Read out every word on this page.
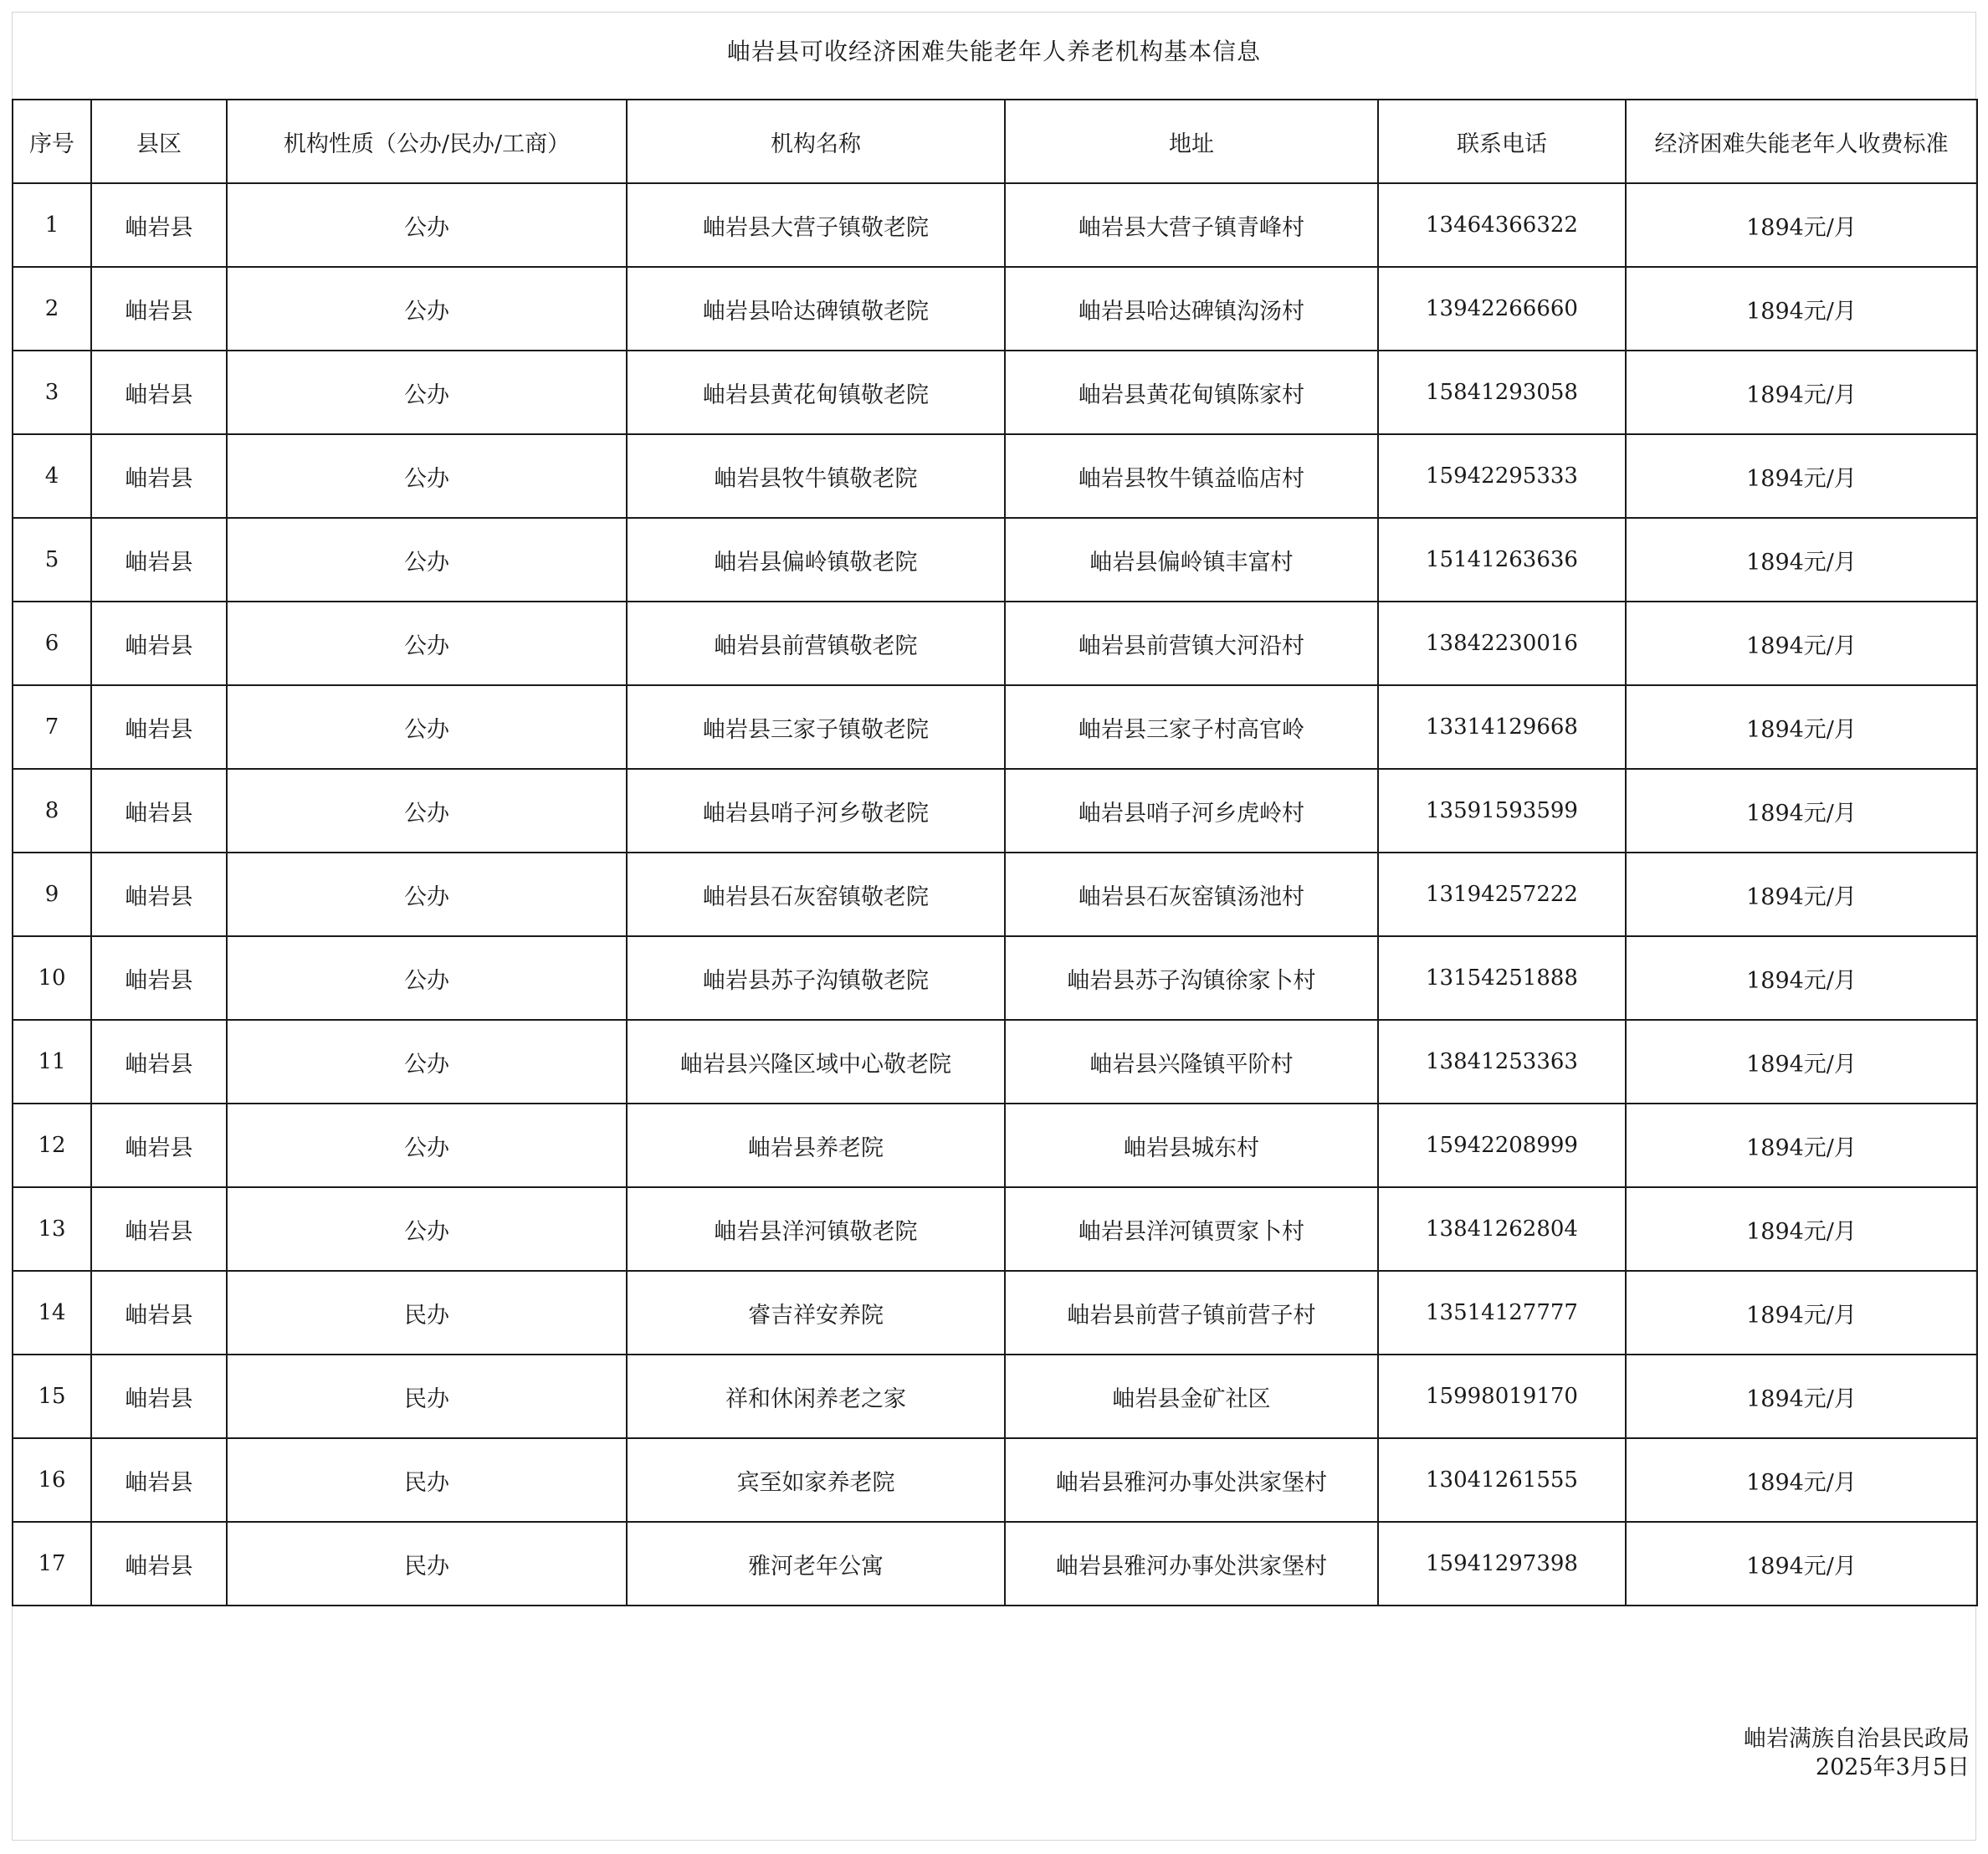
岫岩县可收经济困难失能老年人养老机构基本信息
序号	县区	机构性质（公办/民办/工商）	机构名称	地址	联系电话	经济困难失能老年人收费标准
1	岫岩县	公办	岫岩县大营子镇敬老院	岫岩县大营子镇青峰村	13464366322	1894元/月
2	岫岩县	公办	岫岩县哈达碑镇敬老院	岫岩县哈达碑镇沟汤村	13942266660	1894元/月
3	岫岩县	公办	岫岩县黄花甸镇敬老院	岫岩县黄花甸镇陈家村	15841293058	1894元/月
4	岫岩县	公办	岫岩县牧牛镇敬老院	岫岩县牧牛镇益临店村	15942295333	1894元/月
5	岫岩县	公办	岫岩县偏岭镇敬老院	岫岩县偏岭镇丰富村	15141263636	1894元/月
6	岫岩县	公办	岫岩县前营镇敬老院	岫岩县前营镇大河沿村	13842230016	1894元/月
7	岫岩县	公办	岫岩县三家子镇敬老院	岫岩县三家子村高官岭	13314129668	1894元/月
8	岫岩县	公办	岫岩县哨子河乡敬老院	岫岩县哨子河乡虎岭村	13591593599	1894元/月
9	岫岩县	公办	岫岩县石灰窑镇敬老院	岫岩县石灰窑镇汤池村	13194257222	1894元/月
10	岫岩县	公办	岫岩县苏子沟镇敬老院	岫岩县苏子沟镇徐家卜村	13154251888	1894元/月
11	岫岩县	公办	岫岩县兴隆区域中心敬老院	岫岩县兴隆镇平阶村	13841253363	1894元/月
12	岫岩县	公办	岫岩县养老院	岫岩县城东村	15942208999	1894元/月
13	岫岩县	公办	岫岩县洋河镇敬老院	岫岩县洋河镇贾家卜村	13841262804	1894元/月
14	岫岩县	民办	睿吉祥安养院	岫岩县前营子镇前营子村	13514127777	1894元/月
15	岫岩县	民办	祥和休闲养老之家	岫岩县金矿社区	15998019170	1894元/月
16	岫岩县	民办	宾至如家养老院	岫岩县雅河办事处洪家堡村	13041261555	1894元/月
17	岫岩县	民办	雅河老年公寓	岫岩县雅河办事处洪家堡村	15941297398	1894元/月
岫岩满族自治县民政局
2025年3月5日
